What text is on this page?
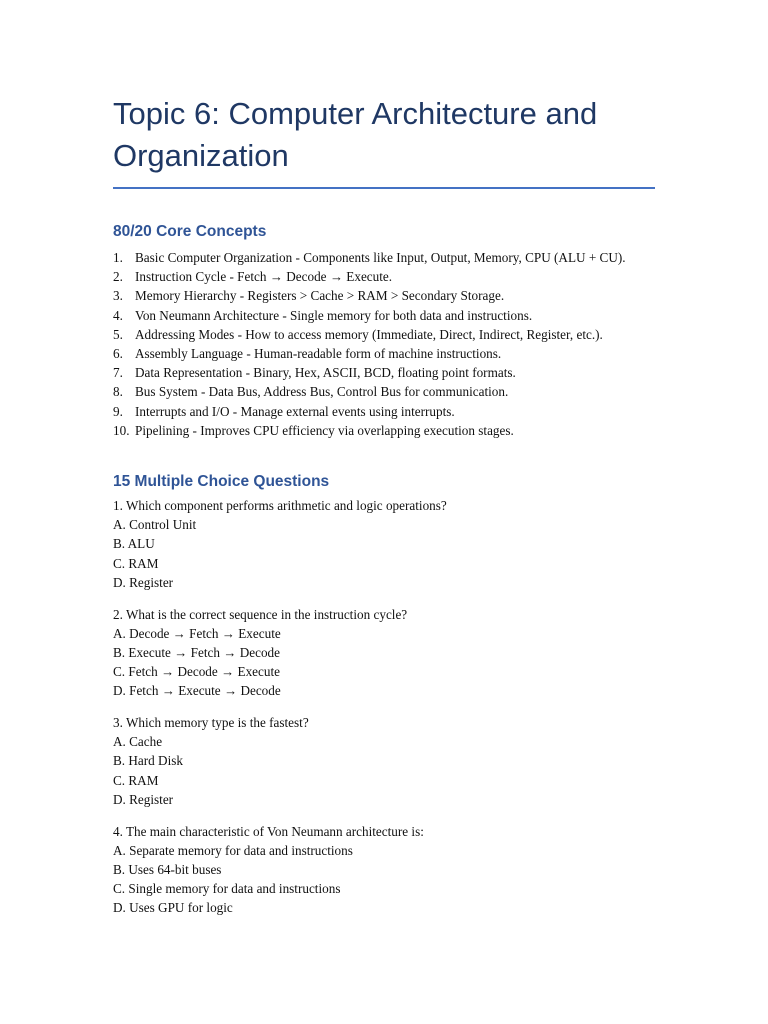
Topic 6: Computer Architecture and Organization
80/20 Core Concepts
1. Basic Computer Organization - Components like Input, Output, Memory, CPU (ALU + CU).
2. Instruction Cycle - Fetch → Decode → Execute.
3. Memory Hierarchy - Registers > Cache > RAM > Secondary Storage.
4. Von Neumann Architecture - Single memory for both data and instructions.
5. Addressing Modes - How to access memory (Immediate, Direct, Indirect, Register, etc.).
6. Assembly Language - Human-readable form of machine instructions.
7. Data Representation - Binary, Hex, ASCII, BCD, floating point formats.
8. Bus System - Data Bus, Address Bus, Control Bus for communication.
9. Interrupts and I/O - Manage external events using interrupts.
10. Pipelining - Improves CPU efficiency via overlapping execution stages.
15 Multiple Choice Questions
1. Which component performs arithmetic and logic operations?
A. Control Unit
B. ALU
C. RAM
D. Register
2. What is the correct sequence in the instruction cycle?
A. Decode → Fetch → Execute
B. Execute → Fetch → Decode
C. Fetch → Decode → Execute
D. Fetch → Execute → Decode
3. Which memory type is the fastest?
A. Cache
B. Hard Disk
C. RAM
D. Register
4. The main characteristic of Von Neumann architecture is:
A. Separate memory for data and instructions
B. Uses 64-bit buses
C. Single memory for data and instructions
D. Uses GPU for logic
